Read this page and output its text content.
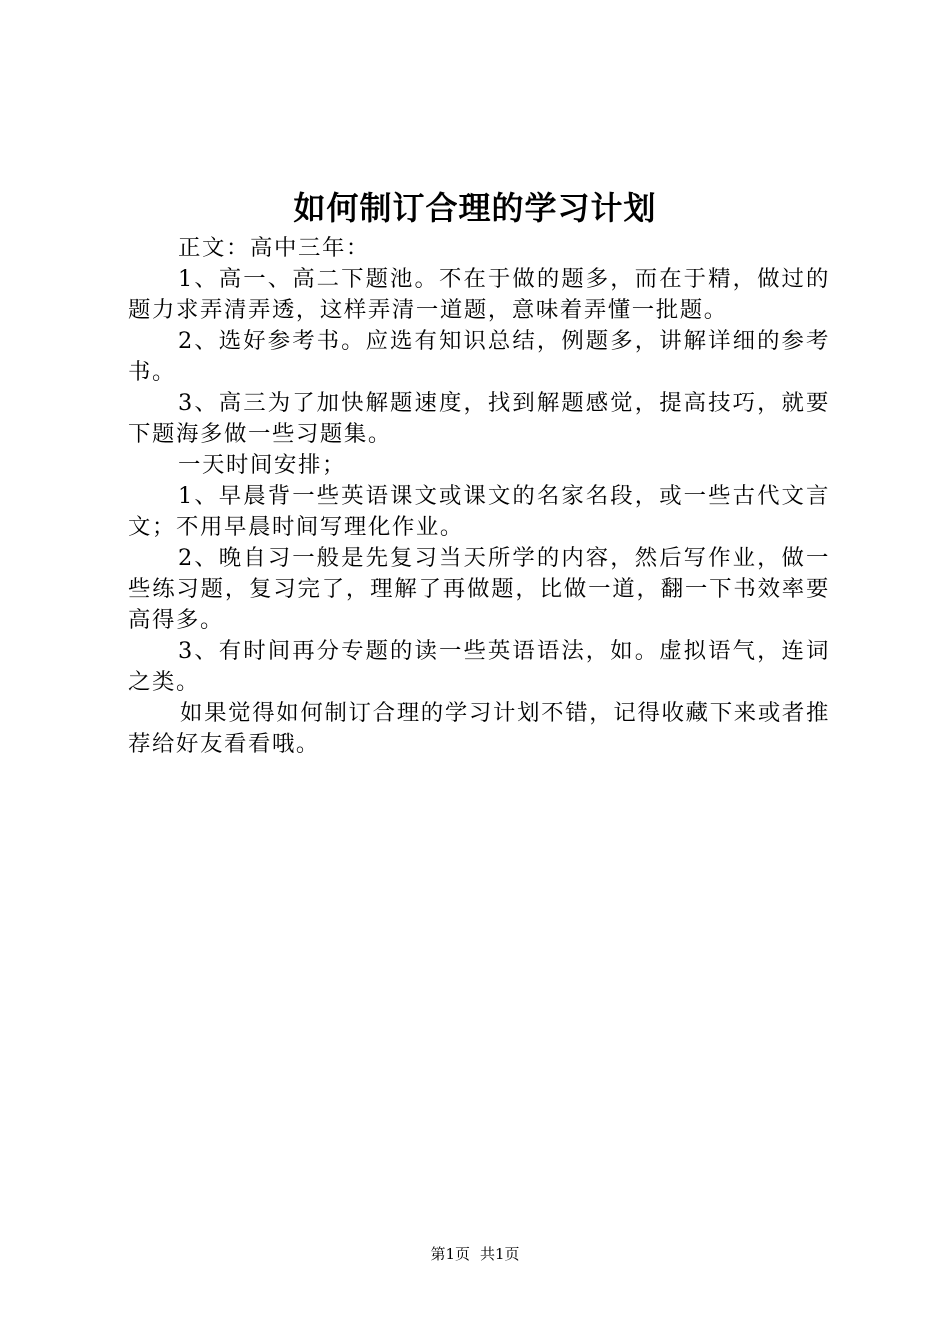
如何制订合理的学习计划

正文：高中三年：

1、高一、高二下题池。不在于做的题多，而在于精，做过的题力求弄清弄透，这样弄清一道题，意味着弄懂一批题。

2、选好参考书。应选有知识总结，例题多，讲解详细的参考书。

3、高三为了加快解题速度，找到解题感觉，提高技巧，就要下题海多做一些习题集。

一天时间安排；

1、早晨背一些英语课文或课文的名家名段，或一些古代文言文；不用早晨时间写理化作业。

2、晚自习一般是先复习当天所学的内容，然后写作业，做一些练习题，复习完了，理解了再做题，比做一道，翻一下书效率要高得多。

3、有时间再分专题的读一些英语语法，如。虚拟语气，连词之类。

如果觉得如何制订合理的学习计划不错，记得收藏下来或者推荐给好友看看哦。

第1页 共1页
